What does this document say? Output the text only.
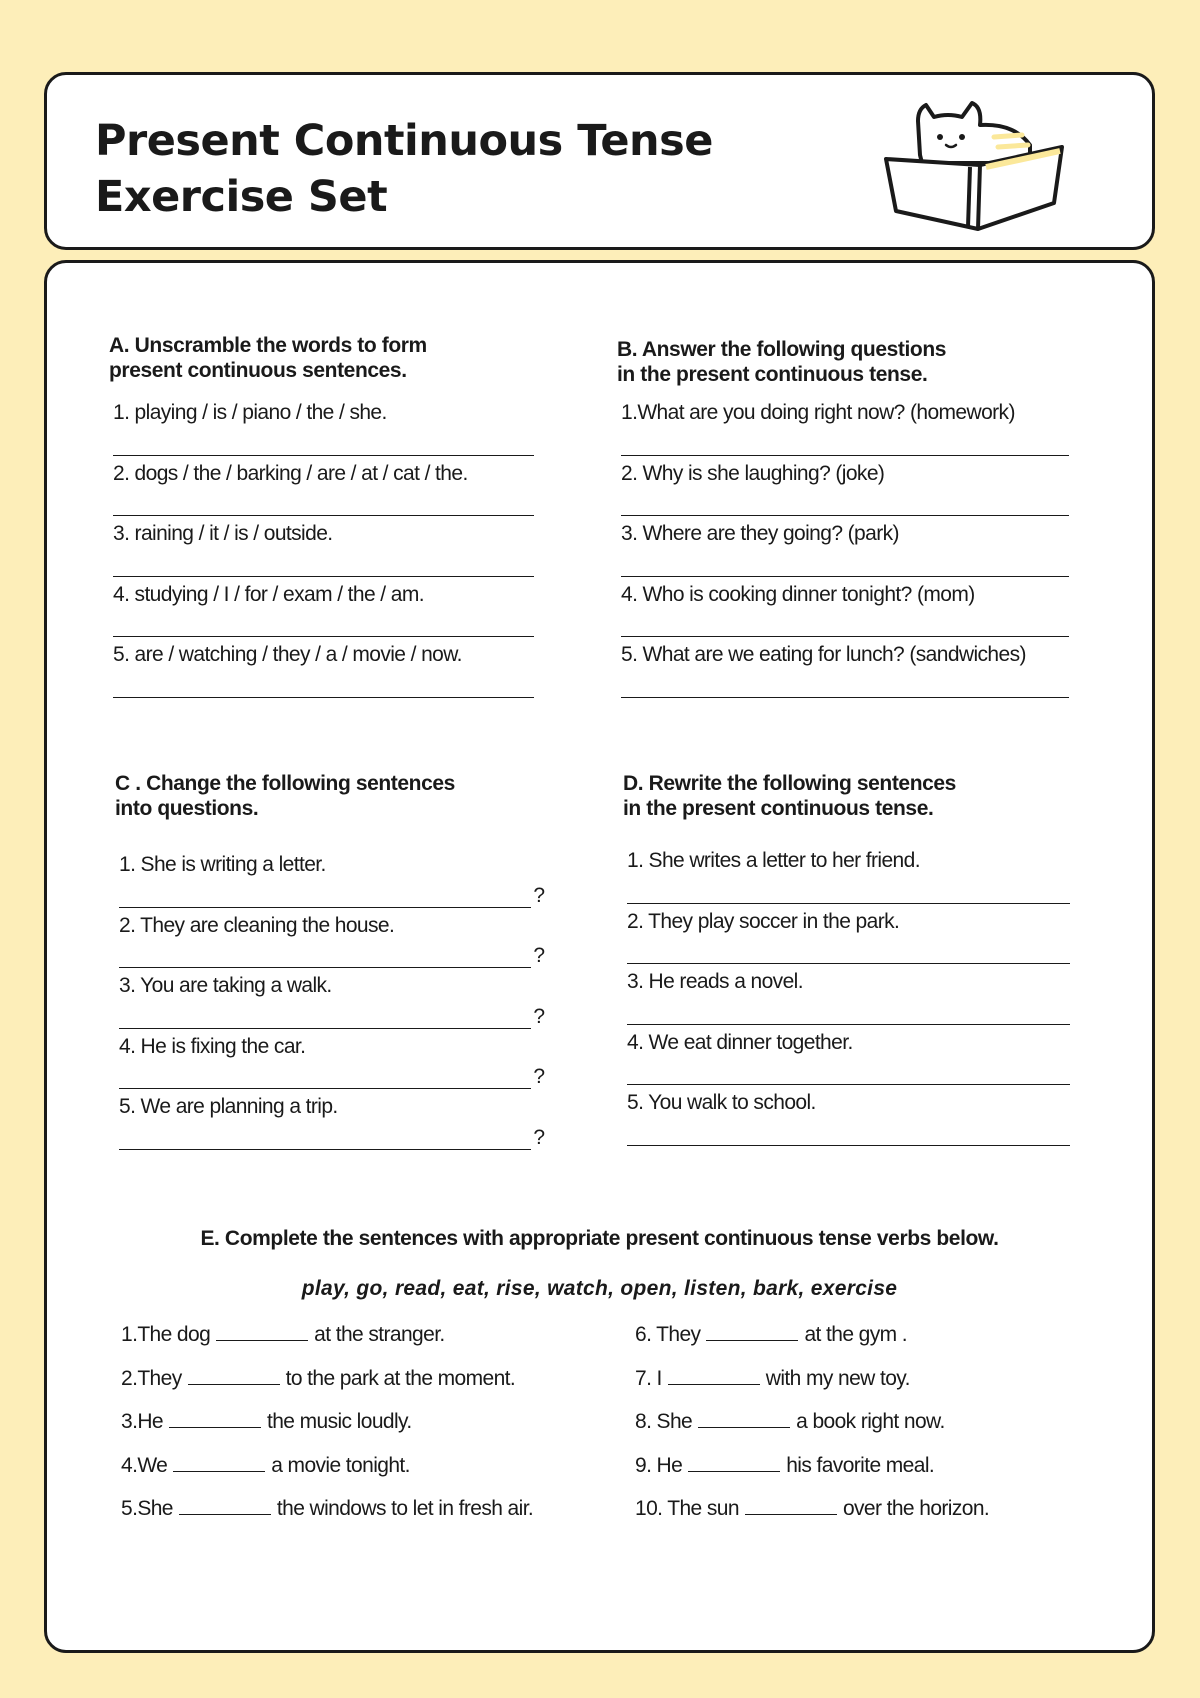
Present Continuous Tense
Exercise Set
A. Unscramble the words to form
present continuous sentences.
1. playing / is / piano / the / she.
2. dogs / the / barking / are / at / cat / the.
3. raining / it / is / outside.
4. studying / I / for / exam / the / am.
5. are / watching / they / a / movie / now.
B. Answer the following questions
in the present continuous tense.
1.What are you doing right now? (homework)
2. Why is she laughing? (joke)
3. Where are they going? (park)
4. Who is cooking dinner tonight? (mom)
5. What are we eating for lunch? (sandwiches)
C . Change the following sentences
into questions.
1. She is writing a letter.
?
2. They are cleaning the house.
?
3. You are taking a walk.
?
4. He is fixing the car.
?
5. We are planning a trip.
?
D. Rewrite the following sentences
in the present continuous tense.
1. She writes a letter to her friend.
2. They play soccer in the park.
3. He reads a novel.
4. We eat dinner together.
5. You walk to school.
E. Complete the sentences with appropriate present continuous tense verbs below.
play, go, read, eat, rise, watch, open, listen, bark, exercise
1.The dog	at the stranger.
2.They	to the park at the moment.
3.He	the music loudly.
4.We	a movie tonight.
5.She	the windows to let in fresh air.
6. They	at the gym .
7. I	with my new toy.
8. She	a book right now.
9. He	his favorite meal.
10. The sun	over the horizon.
